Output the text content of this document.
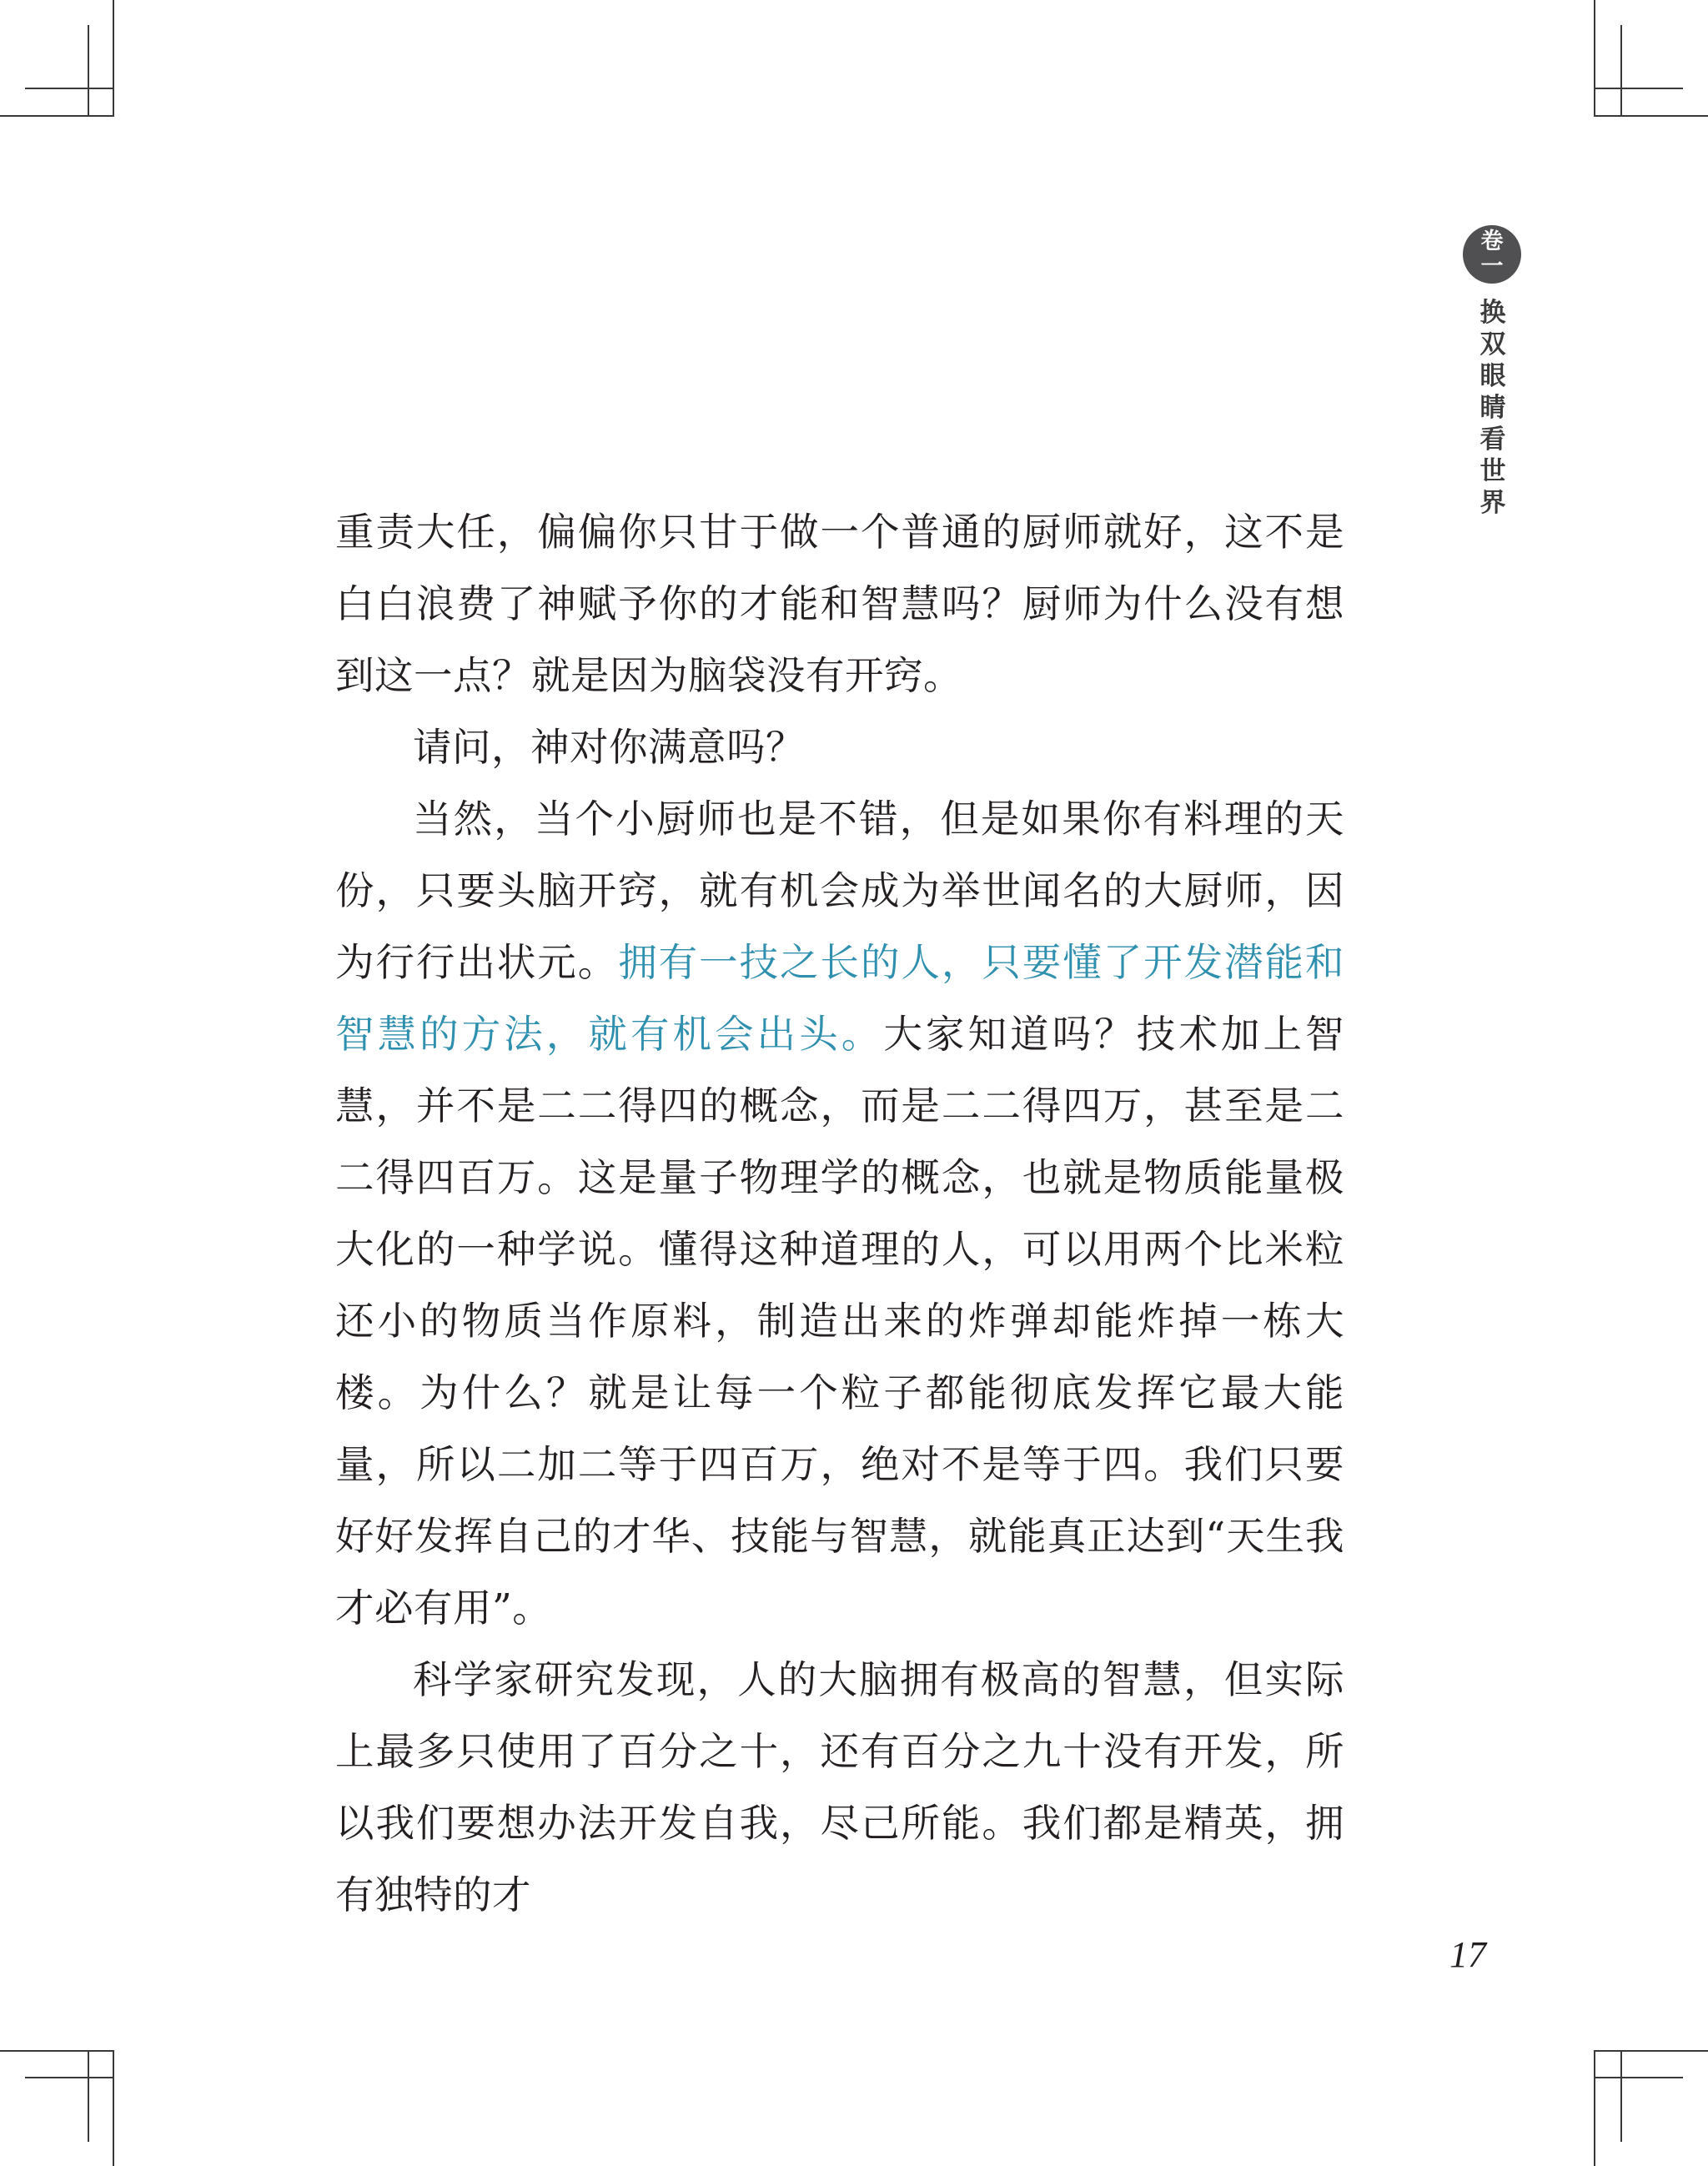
卷
一
换
双
眼
睛
看
世
界

重责大任，偏偏你只甘于做一个普通的厨师就好，这不是白白浪费了神赋予你的才能和智慧吗？厨师为什么没有想到这一点？就是因为脑袋没有开窍。

请问，神对你满意吗？

当然，当个小厨师也是不错，但是如果你有料理的天份，只要头脑开窍，就有机会成为举世闻名的大厨师，因为行行出状元。拥有一技之长的人，只要懂了开发潜能和智慧的方法，就有机会出头。大家知道吗？技术加上智慧，并不是二二得四的概念，而是二二得四万，甚至是二二得四百万。这是量子物理学的概念，也就是物质能量极大化的一种学说。懂得这种道理的人，可以用两个比米粒还小的物质当作原料，制造出来的炸弹却能炸掉一栋大楼。为什么？就是让每一个粒子都能彻底发挥它最大能量，所以二加二等于四百万，绝对不是等于四。我们只要好好发挥自己的才华、技能与智慧，就能真正达到“天生我才必有用”。

科学家研究发现，人的大脑拥有极高的智慧，但实际上最多只使用了百分之十，还有百分之九十没有开发，所以我们要想办法开发自我，尽己所能。我们都是精英，拥有独特的才

17
